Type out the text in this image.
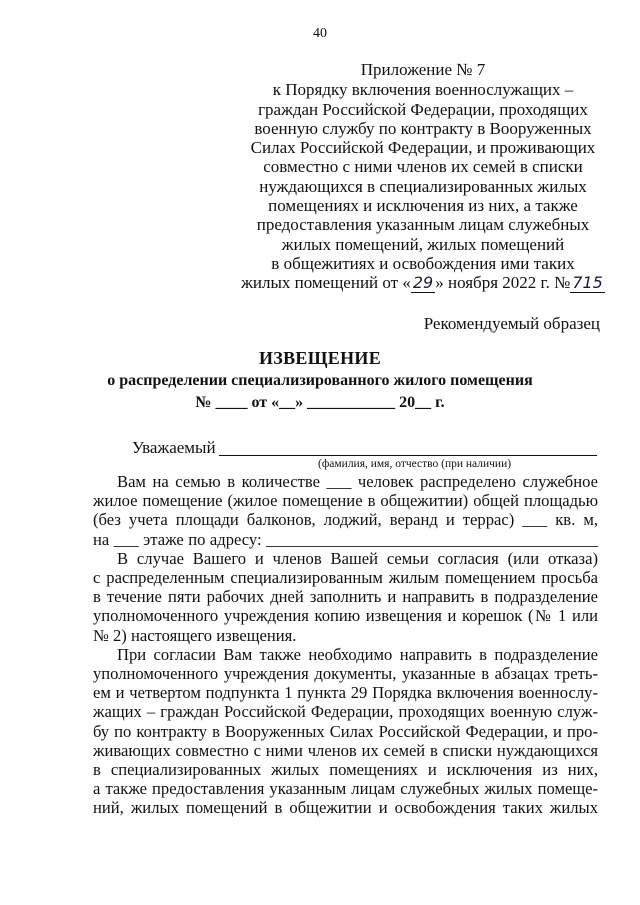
40
Приложение № 7
к Порядку включения военнослужащих –
граждан Российской Федерации, проходящих
военную службу по контракту в Вооруженных
Силах Российской Федерации, и проживающих
совместно с ними членов их семей в списки
нуждающихся в специализированных жилых
помещениях и исключения из них, а также
предоставления указанным лицам служебных
жилых помещений, жилых помещений
в общежитиях и освобождения ими таких
жилых помещений от « 29 » ноября 2022 г. № 715
Рекомендуемый образец
ИЗВЕЩЕНИЕ
о распределении специализированного жилого помещения
№ ____ от «__» ___________ 20__ г.
Уважаемый
(фамилия, имя, отчество (при наличии)
Вам на семью в количестве ___ человек распределено служебное
жилое помещение (жилое помещение в общежитии) общей площадью
(без учета площади балконов, лоджий, веранд и террас) ___ кв. м,
на ___ этаже по адресу: ________________________________________
В случае Вашего и членов Вашей семьи согласия (или отказа)
с распределенным специализированным жилым помещением просьба
в течение пяти рабочих дней заполнить и направить в подразделение
уполномоченного учреждения копию извещения и корешок (№ 1 или
№ 2) настоящего извещения.
При согласии Вам также необходимо направить в подразделение
уполномоченного учреждения документы, указанные в абзацах треть-
ем и четвертом подпункта 1 пункта 29 Порядка включения военнослу-
жащих – граждан Российской Федерации, проходящих военную служ-
бу по контракту в Вооруженных Силах Российской Федерации, и про-
живающих совместно с ними членов их семей в списки нуждающихся
в специализированных жилых помещениях и исключения из них,
а также предоставления указанным лицам служебных жилых помеще-
ний, жилых помещений в общежитии и освобождения таких жилых
